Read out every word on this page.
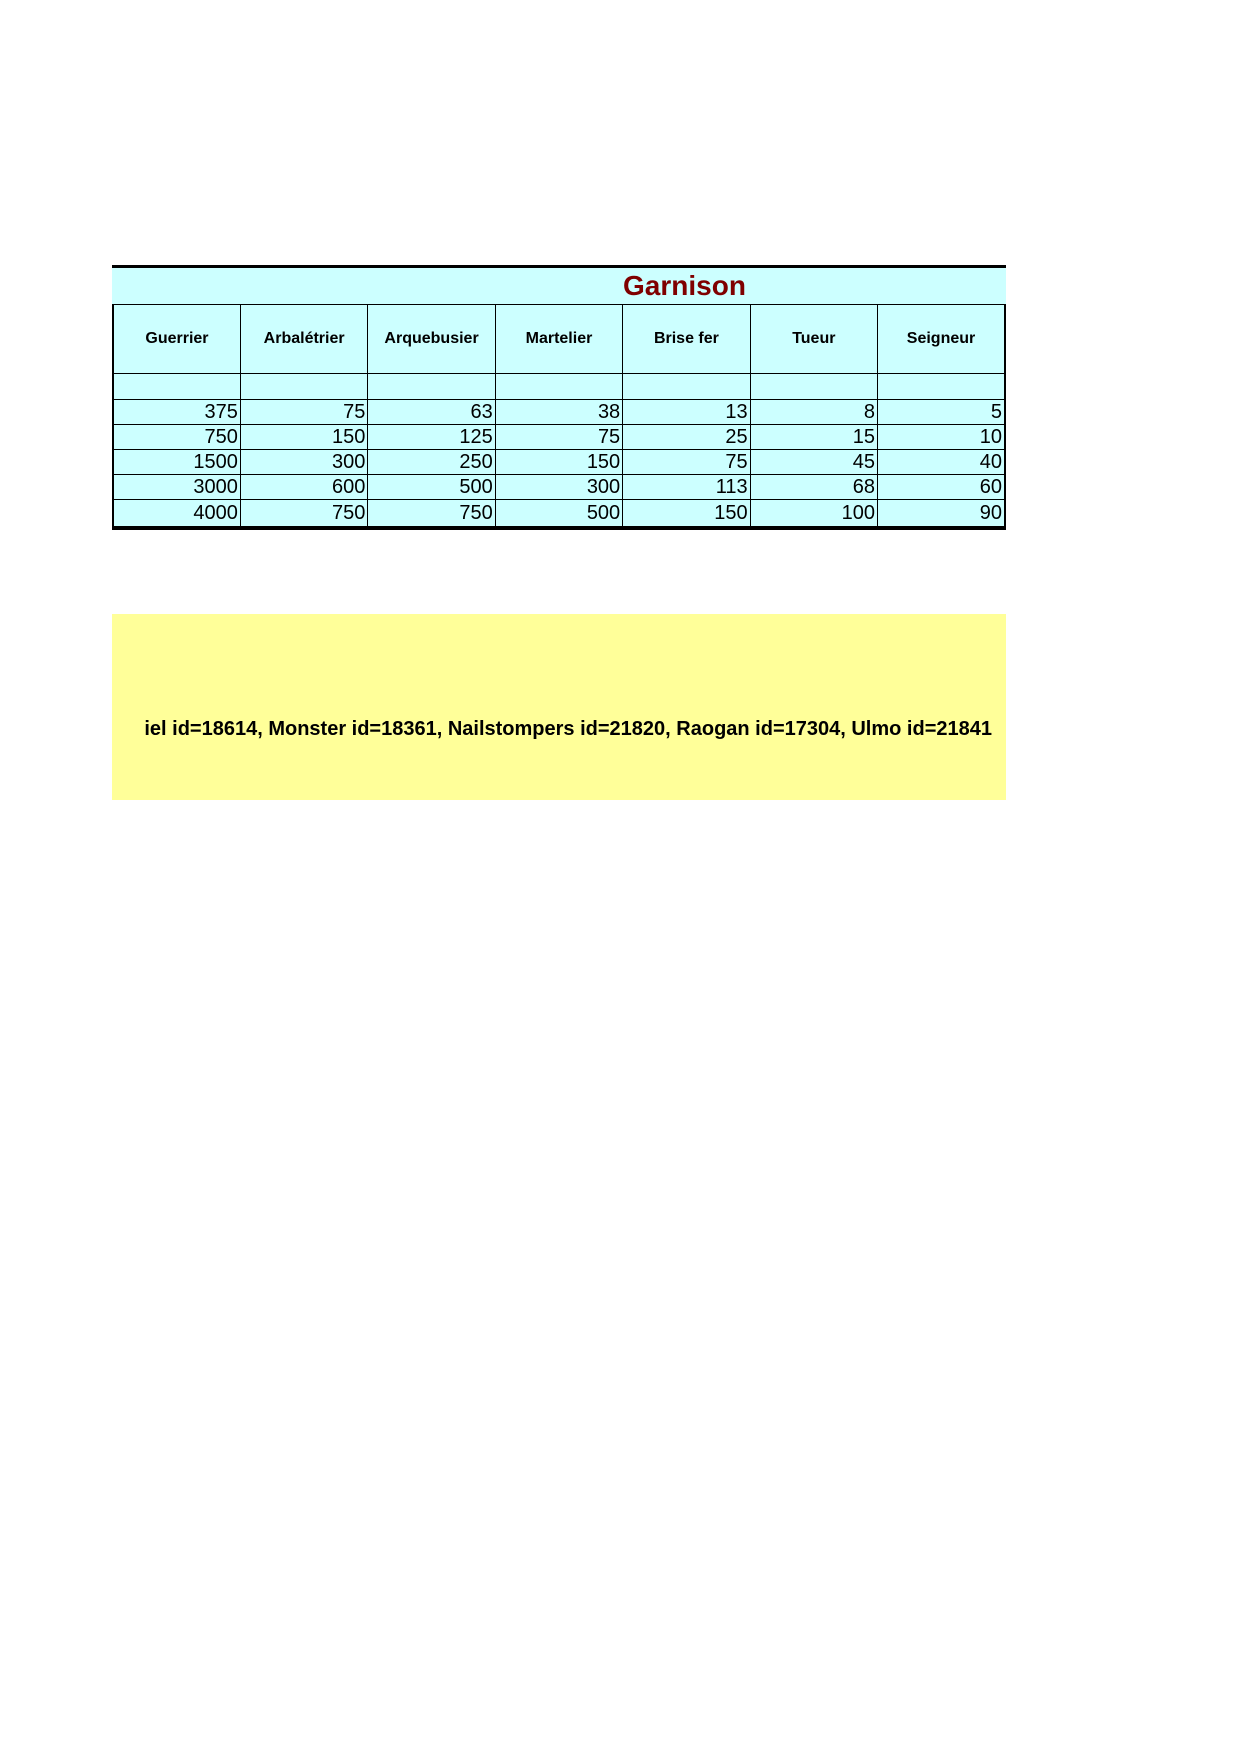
Garnison
Guerrier	Arbalétrier	Arquebusier	Martelier	Brise fer	Tueur	Seigneur

375	75	63	38	13	8	5
750	150	125	75	25	15	10
1500	300	250	150	75	45	40
3000	600	500	300	113	68	60
4000	750	750	500	150	100	90
iel id=18614, Monster id=18361, Nailstompers id=21820, Raogan id=17304, Ulmo id=21841
